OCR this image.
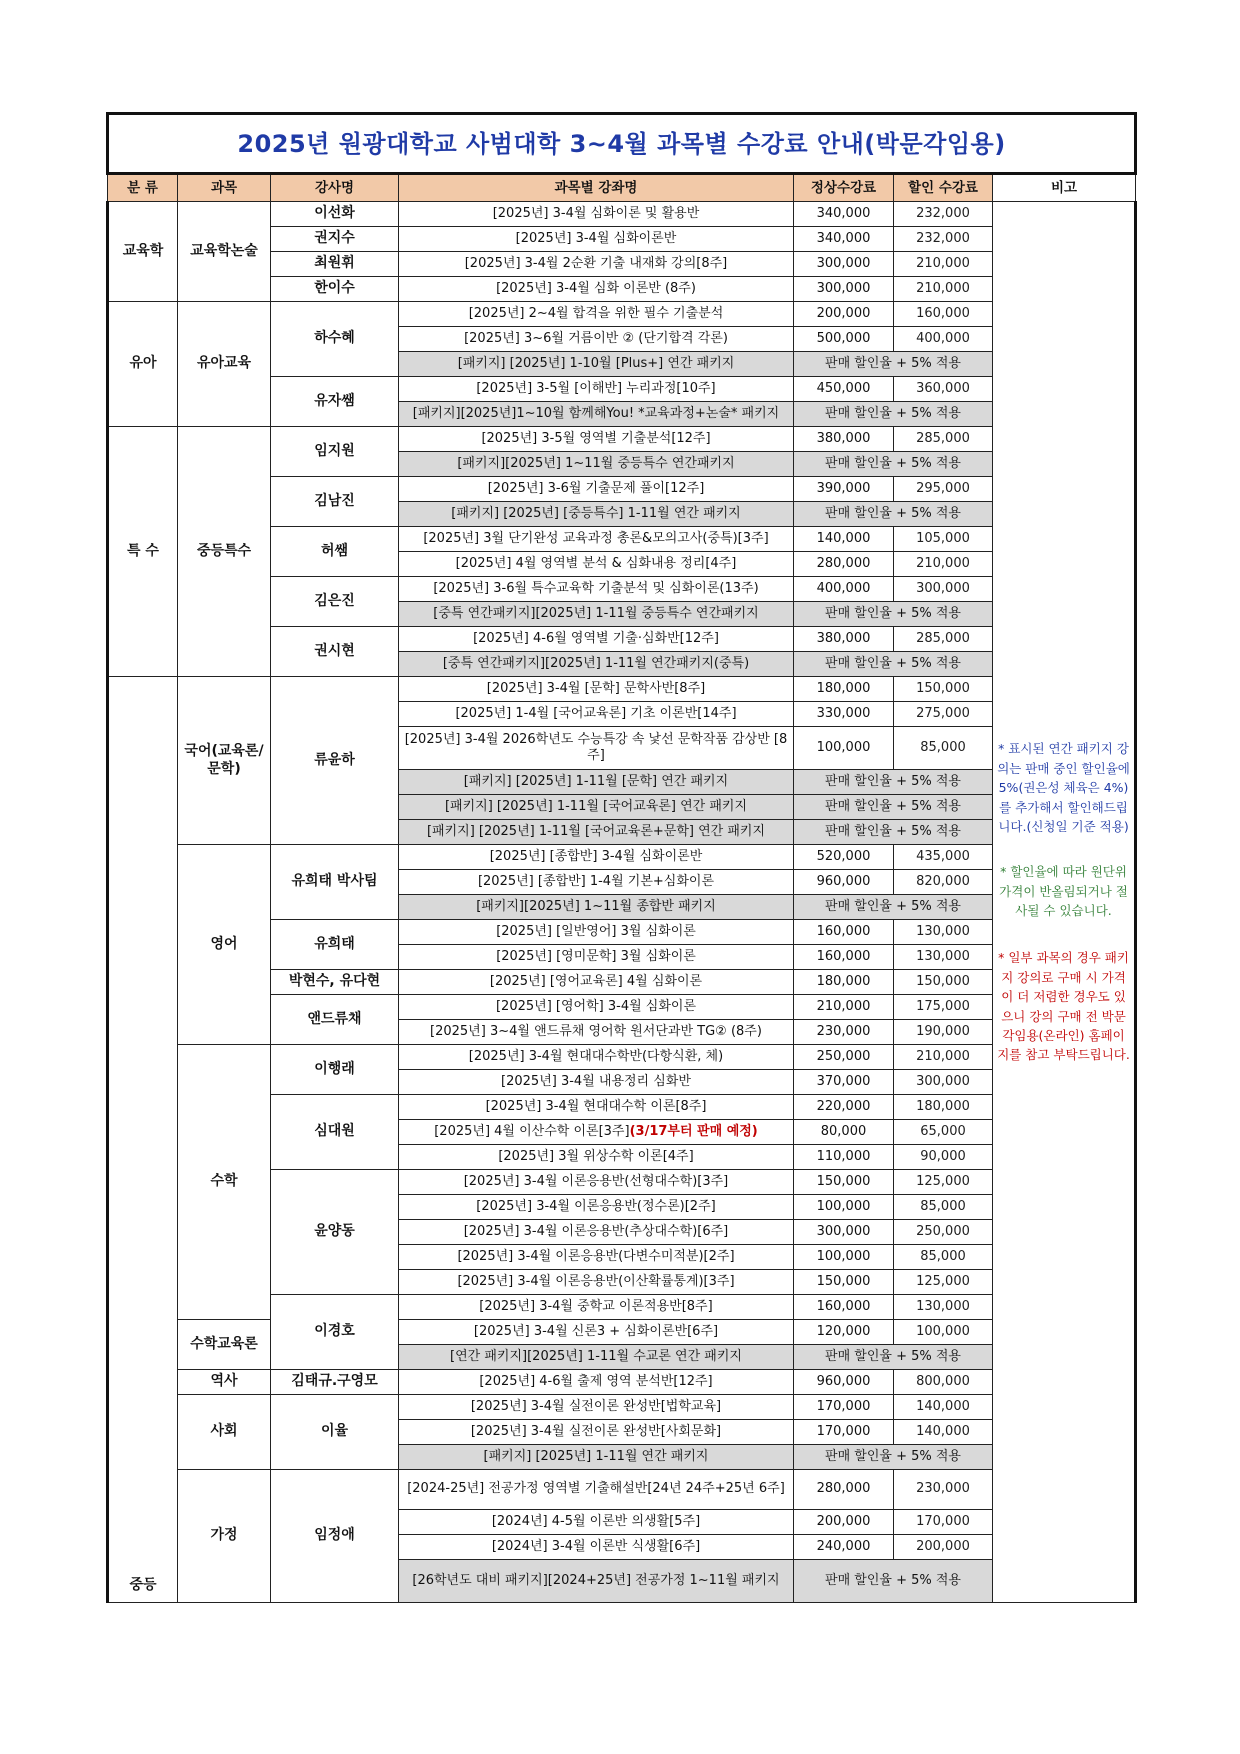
2025년 원광대학교 사범대학 3~4월 과목별 수강료 안내(박문각임용)						
분 류	과목	강사명	과목별 강좌명	정상수강료	할인 수강료	비고
교육학	교육학논술	이선화	[2025년] 3-4월 심화이론 및 활용반	340,000	232,000	* 표시된 연간 패키지 강의는 판매 중인 할인율에 5%(권은성 체육은 4%)를 추가해서 할인해드립니다.(신청일 기준 적용)
* 할인율에 따라 원단위 가격이 반올림되거나 절사될 수 있습니다.
* 일부 과목의 경우 패키지 강의로 구매 시 가격이 더 저렴한 경우도 있으니 강의 구매 전 박문각임용(온라인) 홈페이지를 참고 부탁드립니다.

		권지수	[2025년] 3-4월 심화이론반	340,000	232,000	
		최원휘	[2025년] 3-4월 2순환 기출 내재화 강의[8주]	300,000	210,000	
		한이수	[2025년] 3-4월 심화 이론반 (8주)	300,000	210,000	
유아	유아교육	하수혜	[2025년] 2~4월 합격을 위한 필수 기출분석	200,000	160,000	
			[2025년] 3~6월 거름이반 ② (단기합격 각론)	500,000	400,000	
			[패키지] [2025년] 1-10월 [Plus+] 연간 패키지	판매 할인율 + 5% 적용		
		유자쌤	[2025년] 3-5월 [이해반] 누리과정[10주]	450,000	360,000	
			[패키지][2025년]1~10월 함께해You! *교육과정+논술* 패키지	판매 할인율 + 5% 적용		
특 수	중등특수	임지원	[2025년] 3-5월 영역별 기출분석[12주]	380,000	285,000	
			[패키지][2025년] 1~11월 중등특수 연간패키지	판매 할인율 + 5% 적용		
		김남진	[2025년] 3-6월 기출문제 풀이[12주]	390,000	295,000	
			[패키지] [2025년] [중등특수] 1-11월 연간 패키지	판매 할인율 + 5% 적용		
		허쌤	[2025년] 3월 단기완성 교육과정 총론&모의고사(중특)[3주]	140,000	105,000	
			[2025년] 4월 영역별 분석 & 심화내용 정리[4주]	280,000	210,000	
		김은진	[2025년] 3-6월 특수교육학 기출분석 및 심화이론(13주)	400,000	300,000	
			[중특 연간패키지][2025년] 1-11월 중등특수 연간패키지	판매 할인율 + 5% 적용		
		권시현	[2025년] 4-6월 영역별 기출·심화반[12주]	380,000	285,000	
			[중특 연간패키지][2025년] 1-11월 연간패키지(중특)	판매 할인율 + 5% 적용		
중등	국어(교육론/문학)	류윤하	[2025년] 3-4월 [문학] 문학사반[8주]	180,000	150,000	
			[2025년] 1-4월 [국어교육론] 기초 이론반[14주]	330,000	275,000	
			[2025년] 3-4월 2026학년도 수능특강 속 낯선 문학작품 감상반 [8주]	100,000	85,000	
			[패키지] [2025년] 1-11월 [문학] 연간 패키지	판매 할인율 + 5% 적용		
			[패키지] [2025년] 1-11월 [국어교육론] 연간 패키지	판매 할인율 + 5% 적용		
			[패키지] [2025년] 1-11월 [국어교육론+문학] 연간 패키지	판매 할인율 + 5% 적용		
	영어	유희태 박사팀	[2025년] [종합반] 3-4월 심화이론반	520,000	435,000	
			[2025년] [종합반] 1-4월 기본+심화이론	960,000	820,000	
			[패키지][2025년] 1~11월 종합반 패키지	판매 할인율 + 5% 적용		
		유희태	[2025년] [일반영어] 3월 심화이론	160,000	130,000	
			[2025년] [영미문학] 3월 심화이론	160,000	130,000	
		박현수, 유다현	[2025년] [영어교육론] 4월 심화이론	180,000	150,000	
		앤드류채	[2025년] [영어학] 3-4월 심화이론	210,000	175,000	
			[2025년] 3~4월 앤드류채 영어학 원서단과반 TG② (8주)	230,000	190,000	
	수학	이행래	[2025년] 3-4월 현대대수학반(다항식환, 체)	250,000	210,000	
			[2025년] 3-4월 내용정리 심화반	370,000	300,000	
		심대원	[2025년] 3-4월 현대대수학 이론[8주]	220,000	180,000	
			[2025년] 4월 이산수학 이론[3주](3/17부터 판매 예정)	80,000	65,000	
			[2025년] 3월 위상수학 이론[4주]	110,000	90,000	
		윤양동	[2025년] 3-4월 이론응용반(선형대수학)[3주]	150,000	125,000	
			[2025년] 3-4월 이론응용반(정수론)[2주]	100,000	85,000	
			[2025년] 3-4월 이론응용반(추상대수학)[6주]	300,000	250,000	
			[2025년] 3-4월 이론응용반(다변수미적분)[2주]	100,000	85,000	
			[2025년] 3-4월 이론응용반(이산확률통계)[3주]	150,000	125,000	
		이경호	[2025년] 3-4월 중학교 이론적용반[8주]	160,000	130,000	
	수학교육론		[2025년] 3-4월 신론3 + 심화이론반[6주]	120,000	100,000	
			[연간 패키지][2025년] 1-11월 수교론 연간 패키지	판매 할인율 + 5% 적용		
	역사	김태규.구영모	[2025년] 4-6월 출제 영역 분석반[12주]	960,000	800,000	
	사회	이율	[2025년] 3-4월 실전이론 완성반[법학교육]	170,000	140,000	
			[2025년] 3-4월 실전이론 완성반[사회문화]	170,000	140,000	
			[패키지] [2025년] 1-11월 연간 패키지	판매 할인율 + 5% 적용		
	가정	임정애	[2024-25년] 전공가정 영역별 기출해설반[24년 24주+25년 6주]	280,000	230,000	
			[2024년] 4-5월 이론반 의생활[5주]	200,000	170,000	
			[2024년] 3-4월 이론반 식생활[6주]	240,000	200,000	
			[26학년도 대비 패키지][2024+25년] 전공가정 1~11월 패키지	판매 할인율 + 5% 적용		
